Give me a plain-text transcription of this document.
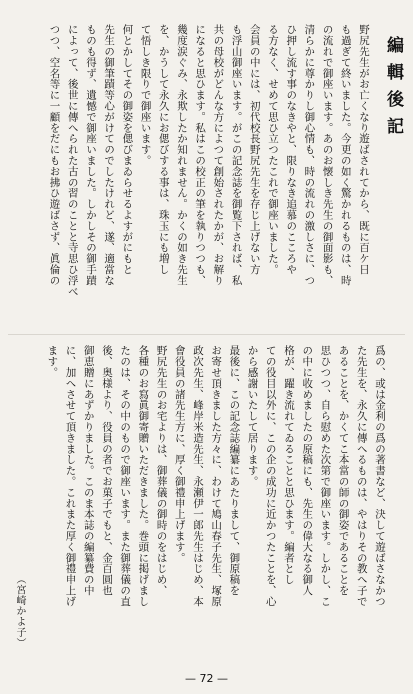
編輯後記
野尻先生がお亡くなり遊ばされてから、既に百ケ日
も過ぎて終いました。今更の如く驚かれるものは、時
の流れで御座います。あのお懐しき先生の御面影も、
清らかに尊かりし御心情も、時の流れの激しさに、つ
ひ押し流す事のなきやと、限りなき追慕のこころや
る方なく、せめて思ひ立つたこれで御座いました。
会員の中には、初代校長野尻先生を存じ上げない方
も浮山御座います。がこの記念誌を御覧下されば、私
共の母校がどんな方によつて創始されたかが、お解り
になると思ひます。私はこの校正の筆を執りつつも、
幾度涙ぐみ、永欺したか知れません。かくの如き先生
を、かうして永久にお偲びする事は、珠玉にも増し
て悟しき限りで御座います。
何とかしてその御姿を偲びまゐらせるよすがにもと
先生の御筆蹟等心がけてのでしたけれど、遂、適當な
ものも得ず、遺憾で御座いました。しかしその御手蹟
によって、後世に傳へられた古の習のことと寺思ひ浮べ
つつ、空名等に一顧をだにもお拂ひ遊ばさず、眞倫の
爲の、或は金利の爲の著書など、決して遊ばさなかつ
た先生を、永久に傳へるものは、やはりその教へ子で
あることを、かくてこ本當の師の御姿であることを
思ひつつ、自ら慰めた次第で御座います。しかし、こ
の中に收めましたの原稿にも、先生の偉大なる御人
格が、躍き流れてゐることと思ひます。編者とし
ての役目以外に、この企の成功に近かつたことを、心
から感謝いたして居ります。
最後に、この記念誌編纂にあたりまして、御原稿を
お寄せ頂きました方々に、わけて鳩山春子先生、塚原
政次先生、峰岸米造先生、永瀬伊一郎先生はじめ、本
會役員の諸先生方に、厚く御禮申上げます。
野尻先生のお宅よりは、御葬儀の御時のをはじめ、
各種のお寫眞御寄贈いただきました。巻頭に掲げまし
たのは、その中のもので御座います。また御葬儀の直
後、奥様より、役員の者でお菓子でもと、金百圓也
御恵贈にあずかりました。このま本誌の編纂費の中
に、加へさせて頂きました。これまた厚く御禮申上げ
ます。
（宮崎かよ子）
— 72 —
